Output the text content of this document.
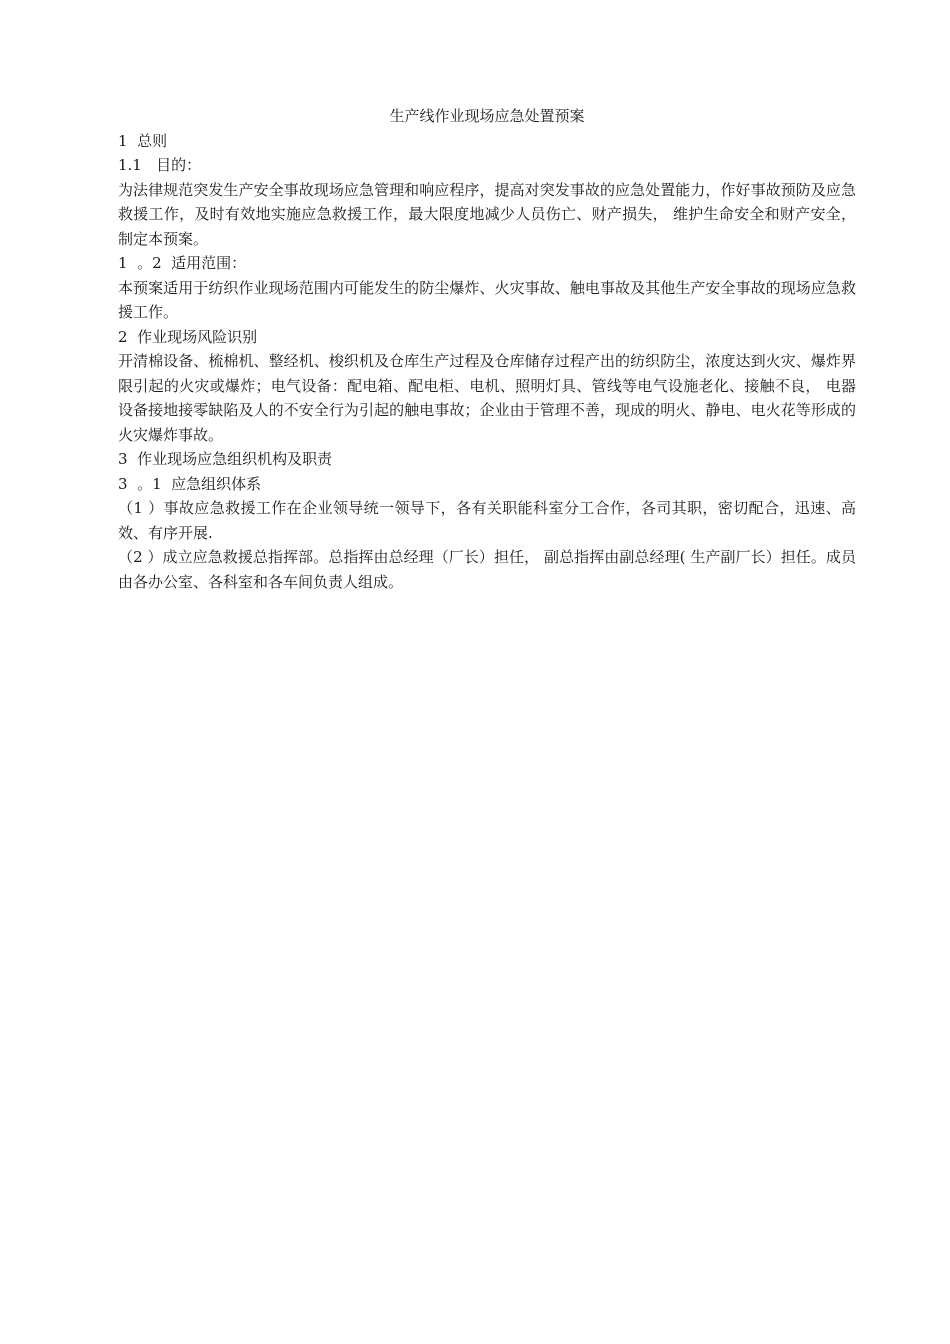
生产线作业现场应急处置预案

1  总则

1.1   目的：

为法律规范突发生产安全事故现场应急管理和响应程序，提高对突发事故的应急处置能力，作好事故预防及应急救援工作，及时有效地实施应急救援工作，最大限度地减少人员伤亡、财产损失， 维护生命安全和财产安全，制定本预案。

1  。2  适用范围：

本预案适用于纺织作业现场范围内可能发生的防尘爆炸、火灾事故、触电事故及其他生产安全事故的现场应急救援工作。

2  作业现场风险识别

开清棉设备、梳棉机、整经机、梭织机及仓库生产过程及仓库储存过程产出的纺织防尘，浓度达到火灾、爆炸界限引起的火灾或爆炸；电气设备：配电箱、配电柜、电机、照明灯具、管线等电气设施老化、接触不良， 电器设备接地接零缺陷及人的不安全行为引起的触电事故；企业由于管理不善，现成的明火、静电、电火花等形成的火灾爆炸事故。

3  作业现场应急组织机构及职责

3  。1  应急组织体系

（1 ）事故应急救援工作在企业领导统一领导下，各有关职能科室分工合作，各司其职，密切配合，迅速、高效、有序开展.

（2 ）成立应急救援总指挥部。总指挥由总经理（厂长）担任， 副总指挥由副总经理( 生产副厂长）担任。成员由各办公室、各科室和各车间负责人组成。
